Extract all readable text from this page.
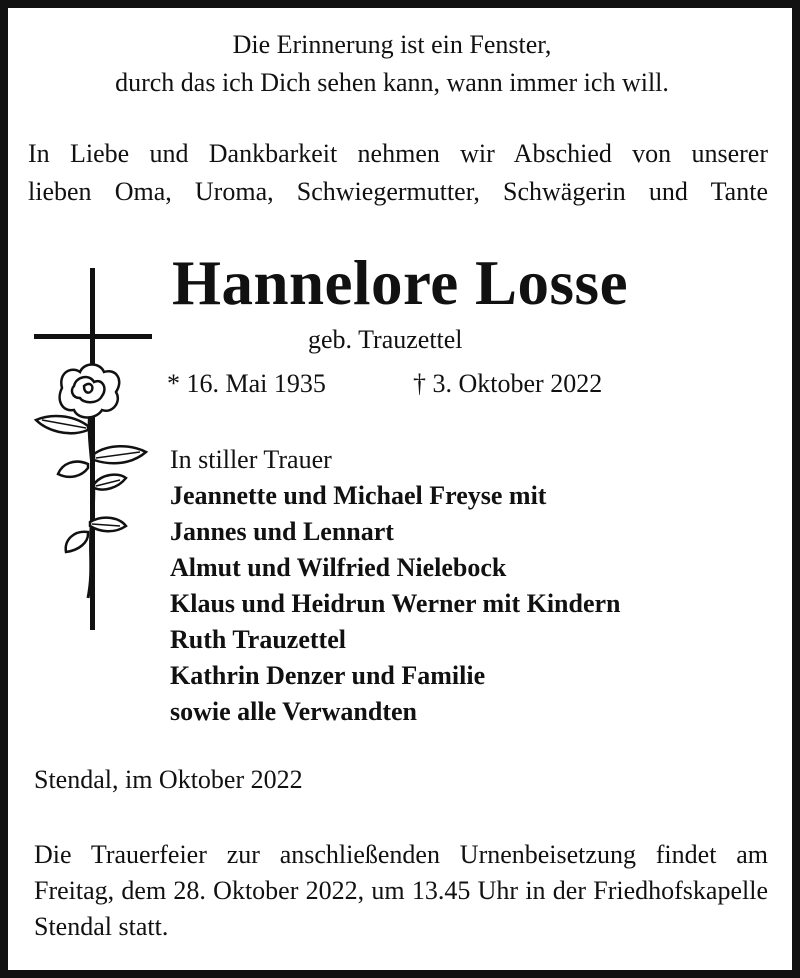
Die Erinnerung ist ein Fenster,
durch das ich Dich sehen kann, wann immer ich will.
In Liebe und Dankbarkeit nehmen wir Abschied von unserer
lieben Oma, Uroma, Schwiegermutter, Schwägerin und Tante
Hannelore Losse
geb. Trauzettel
* 16. Mai 1935	† 3. Oktober 2022
In stiller Trauer
Jeannette und Michael Freyse mit
Jannes und Lennart
Almut und Wilfried Nielebock
Klaus und Heidrun Werner mit Kindern
Ruth Trauzettel
Kathrin Denzer und Familie
sowie alle Verwandten
Stendal, im Oktober 2022
Die Trauerfeier zur anschließenden Urnenbeisetzung findet am Freitag, dem 28. Oktober 2022, um 13.45 Uhr in der Friedhofskapelle Stendal statt.
